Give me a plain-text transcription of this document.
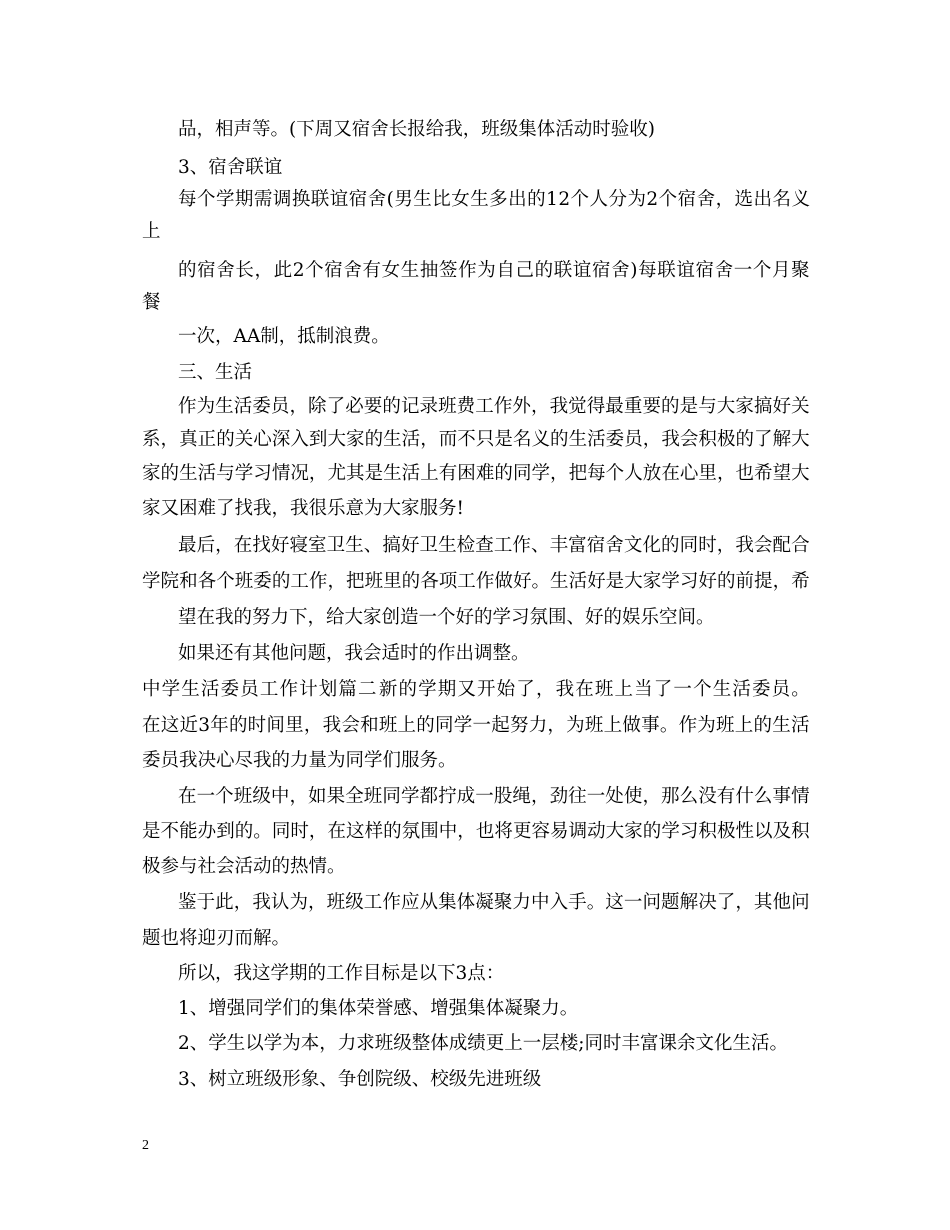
品，相声等。(下周又宿舍长报给我，班级集体活动时验收)
3、宿舍联谊
每 个 学 期 需 调 换 联 谊 宿 舍 ( 男 生 比 女 生 多 出 的 1 2 个 人 分 为 2 个 宿 舍 ， 选 出 名 义
上
的 宿 舍 长 ， 此 2 个 宿 舍 有 女 生 抽 签 作 为 自 己 的 联 谊 宿 舍 ) 每 联 谊 宿 舍 一 个 月 聚
餐
一次，AA制，抵制浪费。
三、生活
作 为 生 活 委 员 ， 除 了 必 要 的 记 录 班 费 工 作 外 ， 我 觉 得 最 重 要 的 是 与 大 家 搞 好 关
系 ， 真 正 的 关 心 深 入 到 大 家 的 生 活 ， 而 不 只 是 名 义 的 生 活 委 员 ， 我 会 积 极 的 了 解 大
家 的 生 活 与 学 习 情 况 ， 尤 其 是 生 活 上 有 困 难 的 同 学 ， 把 每 个 人 放 在 心 里 ， 也 希 望 大
家又困难了找我，我很乐意为大家服务!
最 后 ， 在 找 好 寝 室 卫 生 、 搞 好 卫 生 检 查 工 作 、 丰 富 宿 舍 文 化 的 同 时 ， 我 会 配 合
学 院 和 各 个 班 委 的 工 作 ， 把 班 里 的 各 项 工 作 做 好 。 生 活 好 是 大 家 学 习 好 的 前 提 ， 希
望在我的努力下，给大家创造一个好的学习氛围、好的娱乐空间。
如果还有其他问题，我会适时的作出调整。
中 学 生 活 委 员 工 作 计 划 篇 二 新 的 学 期 又 开 始 了 ， 我 在 班 上 当 了 一 个 生 活 委 员 。
在 这 近 3 年 的 时 间 里 ， 我 会 和 班 上 的 同 学 一 起 努 力 ， 为 班 上 做 事 。 作 为 班 上 的 生 活
委员我决心尽我的力量为同学们服务。
在 一 个 班 级 中 ， 如 果 全 班 同 学 都 拧 成 一 股 绳 ， 劲 往 一 处 使 ， 那 么 没 有 什 么 事 情
是 不 能 办 到 的 。 同 时 ， 在 这 样 的 氛 围 中 ， 也 将 更 容 易 调 动 大 家 的 学 习 积 极 性 以 及 积
极参与社会活动的热情。
鉴 于 此 ， 我 认 为 ， 班 级 工 作 应 从 集 体 凝 聚 力 中 入 手 。 这 一 问 题 解 决 了 ， 其 他 问
题也将迎刃而解。
所以，我这学期的工作目标是以下3点：
1、增强同学们的集体荣誉感、增强集体凝聚力。
2、学生以学为本，力求班级整体成绩更上一层楼;同时丰富课余文化生活。
3、树立班级形象、争创院级、校级先进班级
2
